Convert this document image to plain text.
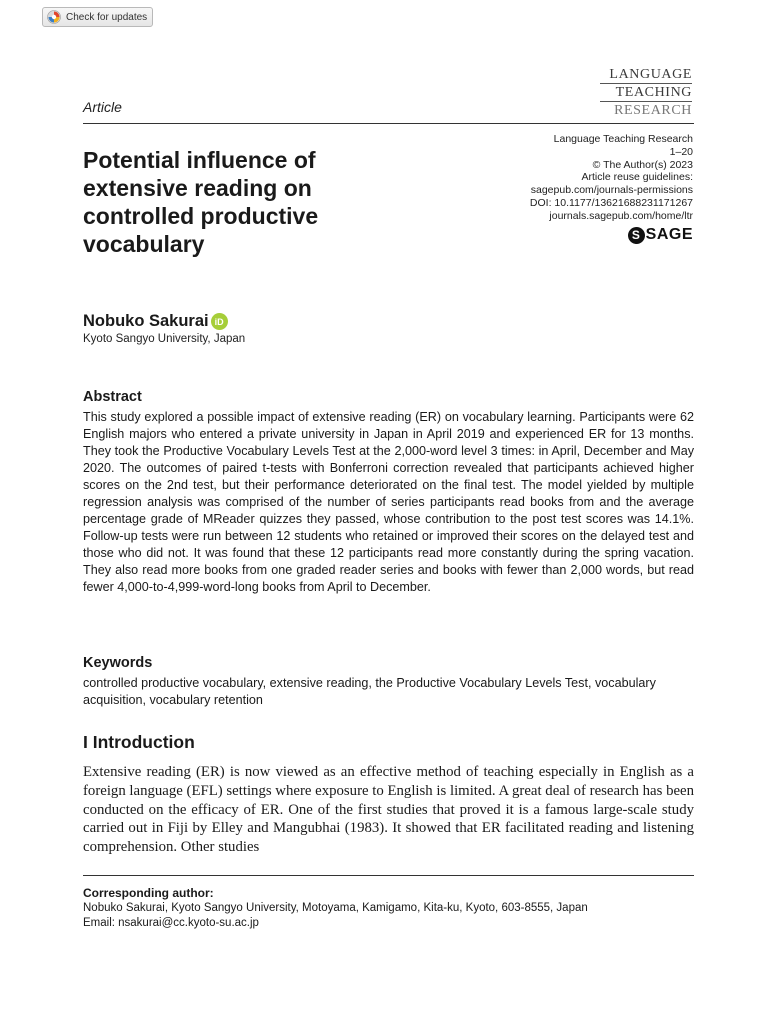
Check for updates
LANGUAGE
TEACHING
RESEARCH
Article
Potential influence of extensive reading on controlled productive vocabulary
Language Teaching Research
1–20
© The Author(s) 2023
Article reuse guidelines:
sagepub.com/journals-permissions
DOI: 10.1177/13621688231171267
journals.sagepub.com/home/ltr
S SAGE
Nobuko Sakurai iD
Kyoto Sangyo University, Japan
Abstract

This study explored a possible impact of extensive reading (ER) on vocabulary learning. Participants were 62 English majors who entered a private university in Japan in April 2019 and experienced ER for 13 months. They took the Productive Vocabulary Levels Test at the 2,000-word level 3 times: in April, December and May 2020. The outcomes of paired t-tests with Bonferroni correction revealed that participants achieved higher scores on the 2nd test, but their performance deteriorated on the final test. The model yielded by multiple regression analysis was comprised of the number of series participants read books from and the average percentage grade of MReader quizzes they passed, whose contribution to the post test scores was 14.1%. Follow-up tests were run between 12 students who retained or improved their scores on the delayed test and those who did not. It was found that these 12 participants read more constantly during the spring vacation. They also read more books from one graded reader series and books with fewer than 2,000 words, but read fewer 4,000-to-4,999-word-long books from April to December.

Keywords

controlled productive vocabulary, extensive reading, the Productive Vocabulary Levels Test, vocabulary acquisition, vocabulary retention

I Introduction

Extensive reading (ER) is now viewed as an effective method of teaching especially in English as a foreign language (EFL) settings where exposure to English is limited. A great deal of research has been conducted on the efficacy of ER. One of the first studies that proved it is a famous large-scale study carried out in Fiji by Elley and Mangubhai (1983). It showed that ER facilitated reading and listening comprehension. Other studies

Corresponding author:
Nobuko Sakurai, Kyoto Sangyo University, Motoyama, Kamigamo, Kita-ku, Kyoto, 603-8555, Japan
Email: nsakurai@cc.kyoto-su.ac.jp
